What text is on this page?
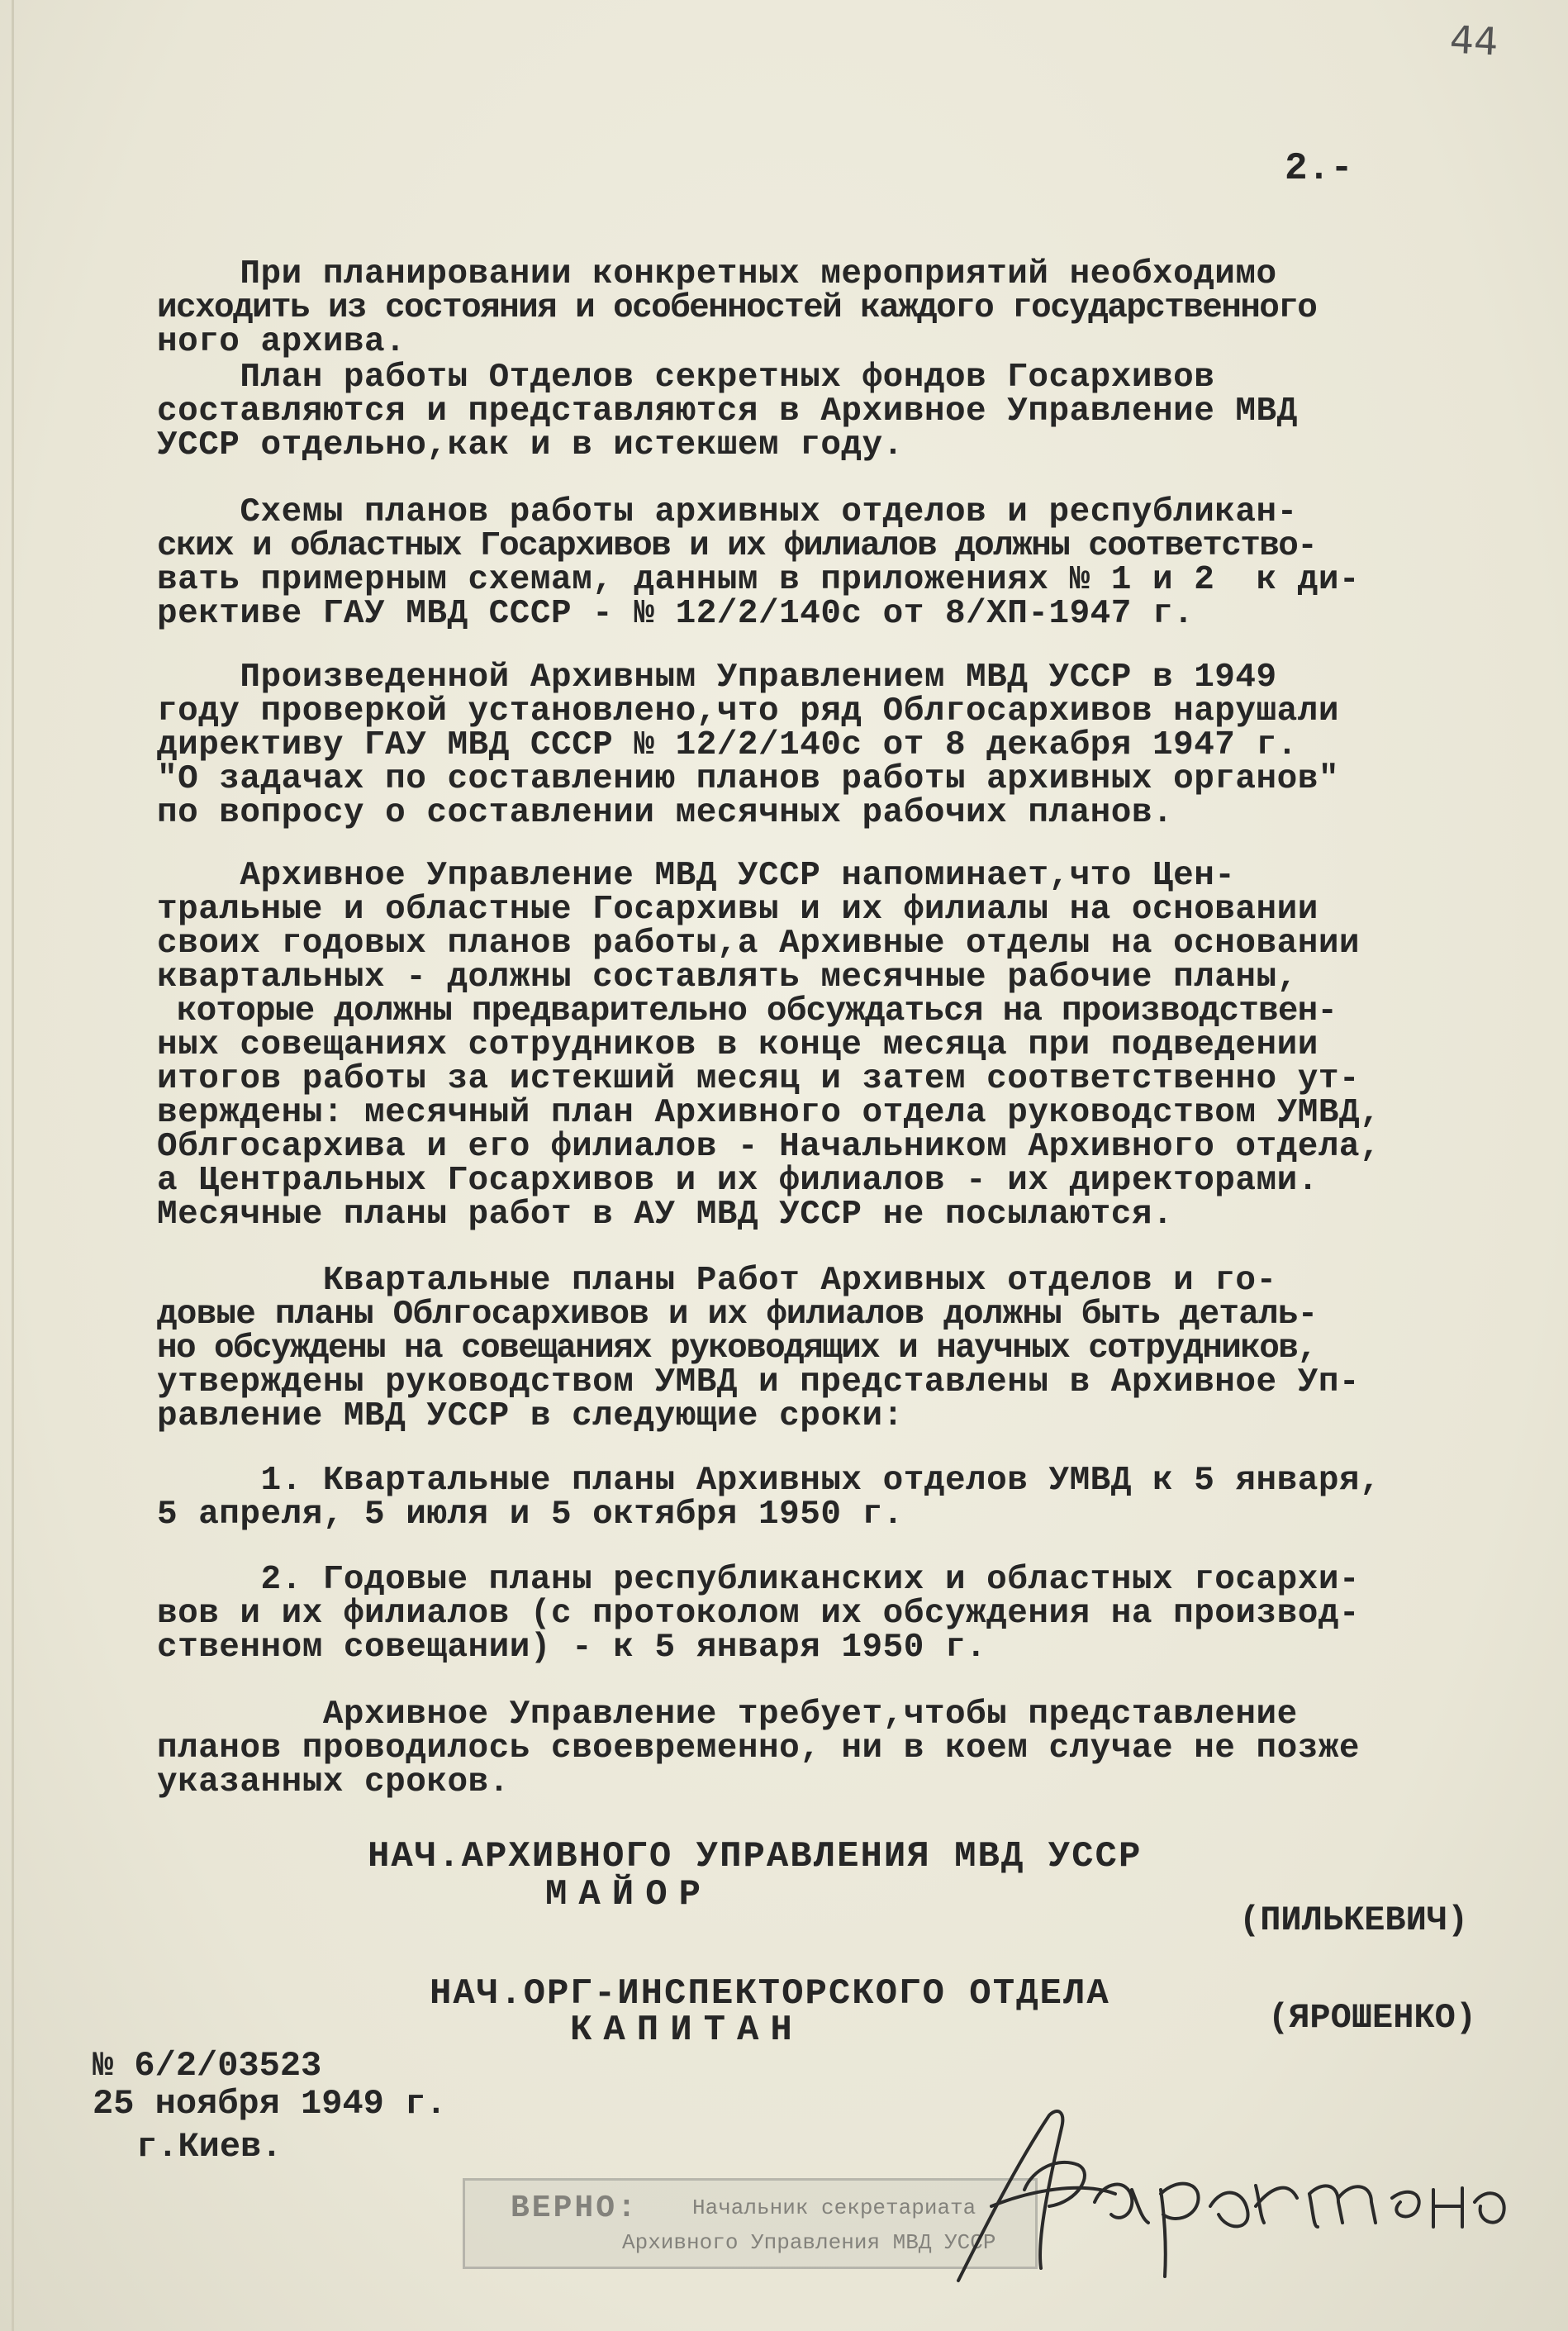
44
2.-
При планировании конкретных мероприятий необходимо
исходить из состояния и особенностей каждого государственного
ного архива.
План работы Отделов секретных фондов Госархивов
составляются и представляются в Архивное Управление МВД
УССР отдельно,как и в истекшем году.
Схемы планов работы архивных отделов и республикан-
ских и областных Госархивов и их филиалов должны соответство-
вать примерным схемам, данным в приложениях № 1 и 2  к ди-
рективе ГАУ МВД СССР - № 12/2/140с от 8/ХП-1947 г.
Произведенной Архивным Управлением МВД УССР в 1949
году проверкой установлено,что ряд Облгосархивов нарушали
директиву ГАУ МВД СССР № 12/2/140с от 8 декабря 1947 г.
"О задачах по составлению планов работы архивных органов"
по вопросу о составлении месячных рабочих планов.
Архивное Управление МВД УССР напоминает,что Цен-
тральные и областные Госархивы и их филиалы на основании
своих годовых планов работы,а Архивные отделы на основании
квартальных - должны составлять месячные рабочие планы,
которые должны предварительно обсуждаться на производствен-
ных совещаниях сотрудников в конце месяца при подведении
итогов работы за истекший месяц и затем соответственно ут-
верждены: месячный план Архивного отдела руководством УМВД,
Облгосархива и его филиалов - Начальником Архивного отдела,
а Центральных Госархивов и их филиалов - их директорами.
Месячные планы работ в АУ МВД УССР не посылаются.
Квартальные планы Работ Архивных отделов и го-
довые планы Облгосархивов и их филиалов должны быть деталь-
но обсуждены на совещаниях руководящих и научных сотрудников,
утверждены руководством УМВД и представлены в Архивное Уп-
равление МВД УССР в следующие сроки:
1. Квартальные планы Архивных отделов УМВД к 5 января,
5 апреля, 5 июля и 5 октября 1950 г.
2. Годовые планы республиканских и областных госархи-
вов и их филиалов (с протоколом их обсуждения на производ-
ственном совещании) - к 5 января 1950 г.
Архивное Управление требует,чтобы представление
планов проводилось своевременно, ни в коем случае не позже
указанных сроков.
НАЧ.АРХИВНОГО УПРАВЛЕНИЯ МВД УССР
МАЙОР
(ПИЛЬКЕВИЧ)
НАЧ.ОРГ-ИНСПЕКТОРСКОГО ОТДЕЛА
КАПИТАН	(ЯРОШЕНКО)
№ 6/2/03523
25 ноября 1949 г.
г.Киев.
ВЕРНО:	Начальник секретариата
Архивного Управления МВД УССР
